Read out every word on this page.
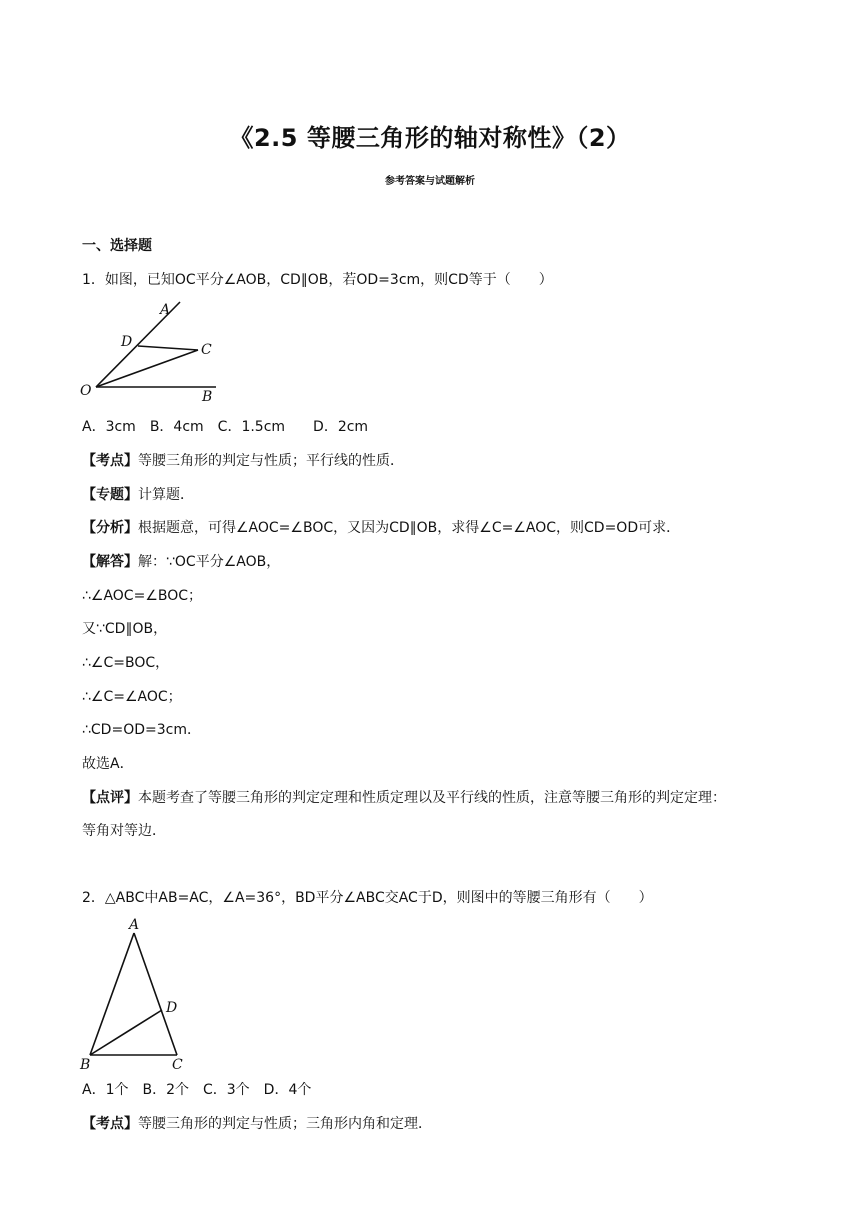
《2.5 等腰三角形的轴对称性》（2）
参考答案与试题解析
一、选择题
1．如图，已知OC平分∠AOB，CD∥OB，若OD=3cm，则CD等于（　　）
A
D	C
O	B
A．3cm　B．4cm　C．1.5cm　　D．2cm
【考点】等腰三角形的判定与性质；平行线的性质．
【专题】计算题．
【分析】根据题意，可得∠AOC=∠BOC，又因为CD∥OB，求得∠C=∠AOC，则CD=OD可求．
【解答】解：∵OC平分∠AOB，
∴∠AOC=∠BOC；
又∵CD∥OB，
∴∠C=BOC，
∴∠C=∠AOC；
∴CD=OD=3cm．
故选A．
【点评】本题考查了等腰三角形的判定定理和性质定理以及平行线的性质，注意等腰三角形的判定定理：
等角对等边．
2．△ABC中AB=AC，∠A=36°，BD平分∠ABC交AC于D，则图中的等腰三角形有（　　）
A
D
B	C
A．1个　B．2个　C．3个　D．4个
【考点】等腰三角形的判定与性质；三角形内角和定理．
